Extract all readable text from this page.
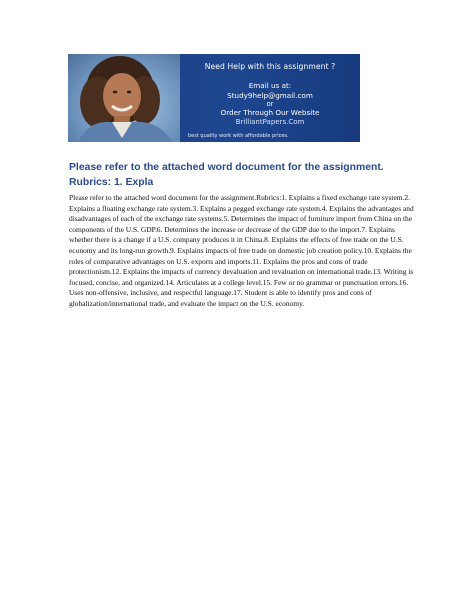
Need Help with this assignment ?
Email us at:
Study9help@gmail.com
or
Order Through Our Website
BrilliantPapers.Com
best quality work with affordable prices.
Please refer to the attached word document for the assignment. Rubrics: 1. Expla

Please refer to the attached word document for the assignment.Rubrics:1. Explains a fixed exchange rate system.2. Explains a floating exchange rate system.3. Explains a pegged exchange rate system.4. Explains the advantages and disadvantages of each of the exchange rate systems.5. Determines the impact of furniture import from China on the components of the U.S. GDP.6. Determines the increase or decrease of the GDP due to the import.7. Explains whether there is a change if a U.S. company produces it in China.8. Explains the effects of free trade on the U.S. economy and its long-run growth.9. Explains impacts of free trade on domestic job creation policy.10. Explains the roles of comparative advantages on U.S. exports and imports.11. Explains the pros and cons of trade protectionism.12. Explains the impacts of currency devaluation and revaluation on international trade.13. Writing is focused, concise, and organized.14. Articulates at a college level.15. Few or no grammar or punctuation errors.16. Uses non-offensive, inclusive, and respectful language.17. Student is able to identify pros and cons of globalization/international trade, and evaluate the impact on the U.S. economy.
